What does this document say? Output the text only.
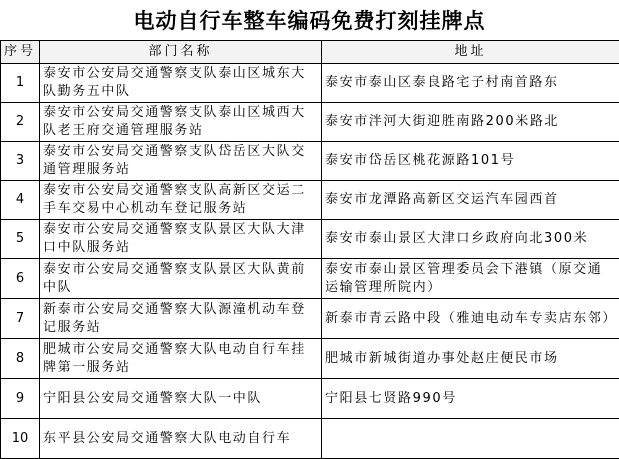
电动自行车整车编码免费打刻挂牌点
序号	部门名称	地址
1	泰安市公安局交通警察支队泰山区城东大队勤务五中队	泰安市泰山区泰良路宅子村南首路东
2	泰安市公安局交通警察支队泰山区城西大队老王府交通管理服务站	泰安市泮河大街迎胜南路200米路北
3	泰安市公安局交通警察支队岱岳区大队交通管理服务站	泰安市岱岳区桃花源路101号
4	泰安市公安局交通警察支队高新区交运二手车交易中心机动车登记服务站	泰安市龙潭路高新区交运汽车园西首
5	泰安市公安局交通警察支队景区大队大津口中队服务站	泰安市泰山景区大津口乡政府向北300米
6	泰安市公安局交通警察支队景区大队黄前中队	泰安市泰山景区管理委员会下港镇（原交通运输管理所院内）
7	新泰市公安局交通警察大队源潼机动车登记服务站	新泰市青云路中段（雅迪电动车专卖店东邻）
8	肥城市公安局交通警察大队电动自行车挂牌第一服务站	肥城市新城街道办事处赵庄便民市场
9	宁阳县公安局交通警察大队一中队	宁阳县七贤路990号
10	东平县公安局交通警察大队电动自行车	
